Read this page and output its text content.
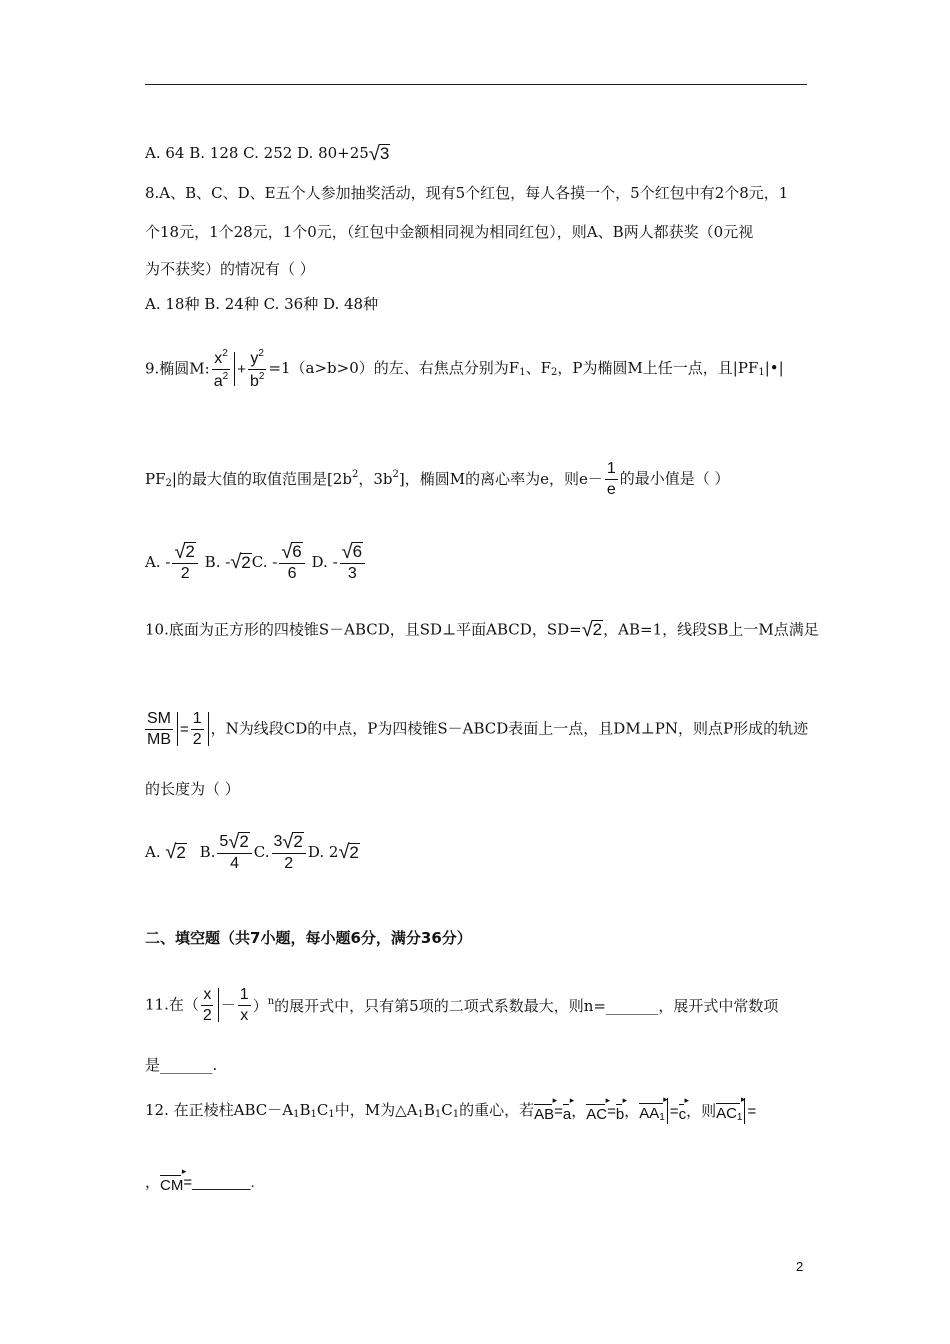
A. 64 B. 128 C. 252 D. 80+25 √ 3
8.A、B、C、D、E五个人参加抽奖活动，现有5个红包，每人各摸一个，5个红包中有2个8元，1
个18元，1个28元，1个0元，（红包中金额相同视为相同红包），则A、B两人都获奖（0元视
为不获奖）的情况有（ ）
A. 18种 B. 24种 C. 36种 D. 48种
9.椭圆M: $\frac{x^2}{a^2} + \frac{y^2}{b^2} =1(a>b>0)$的左、右焦点分别为$F_1$、$F_2$，P为椭圆M上任一点，且$|PF_1|•|$
$PF_2|$的最大值的取值范围是[$2b^2$，$3b^2$]，椭圆M的离心率为e，则$e- \frac{1}{e}$ 的最小值是（ ）
A. - $\frac{√ 2}{2} B$. - √ 2 C. - $\frac{√ 6}{6} D$. - $\frac{√ 6}{3}$
10.底面为正方形的四棱锥S－ABCD，且SD⊥平面ABCD，SD= √ 2 ，AB=1，线段SB上一M点满足
$\frac{SM}{MB} = \frac{1}{2}$ ，N为线段CD的中点，P为四棱锥S－ABCD表面上一点，且DM⊥PN，则点P形成的轨迹
的长度为（ ）
A. √ 2 B. $\frac{5 √ 2}{4} C$. $\frac{3 √ 2}{2} D$. 2 √ 2
二、填空题（共7小题，每小题6分，满分36分）
11.在（ $\frac{x}{2} - \frac{1}{x} )^n$的展开式中，只有第5项的二项式系数最大，则n=_______，展开式中常数项
是_______.
12. 在正棱柱$ABC-A_1B_1C_1$中，M为$\triangle A_1B_1C_1$的重心，若AB ▸=a ▸，AC ▸=b ▸，$AA_1$ ▸ =c ▸，则$AC_1$ ▸ =
，CM ▸=_______.
2
